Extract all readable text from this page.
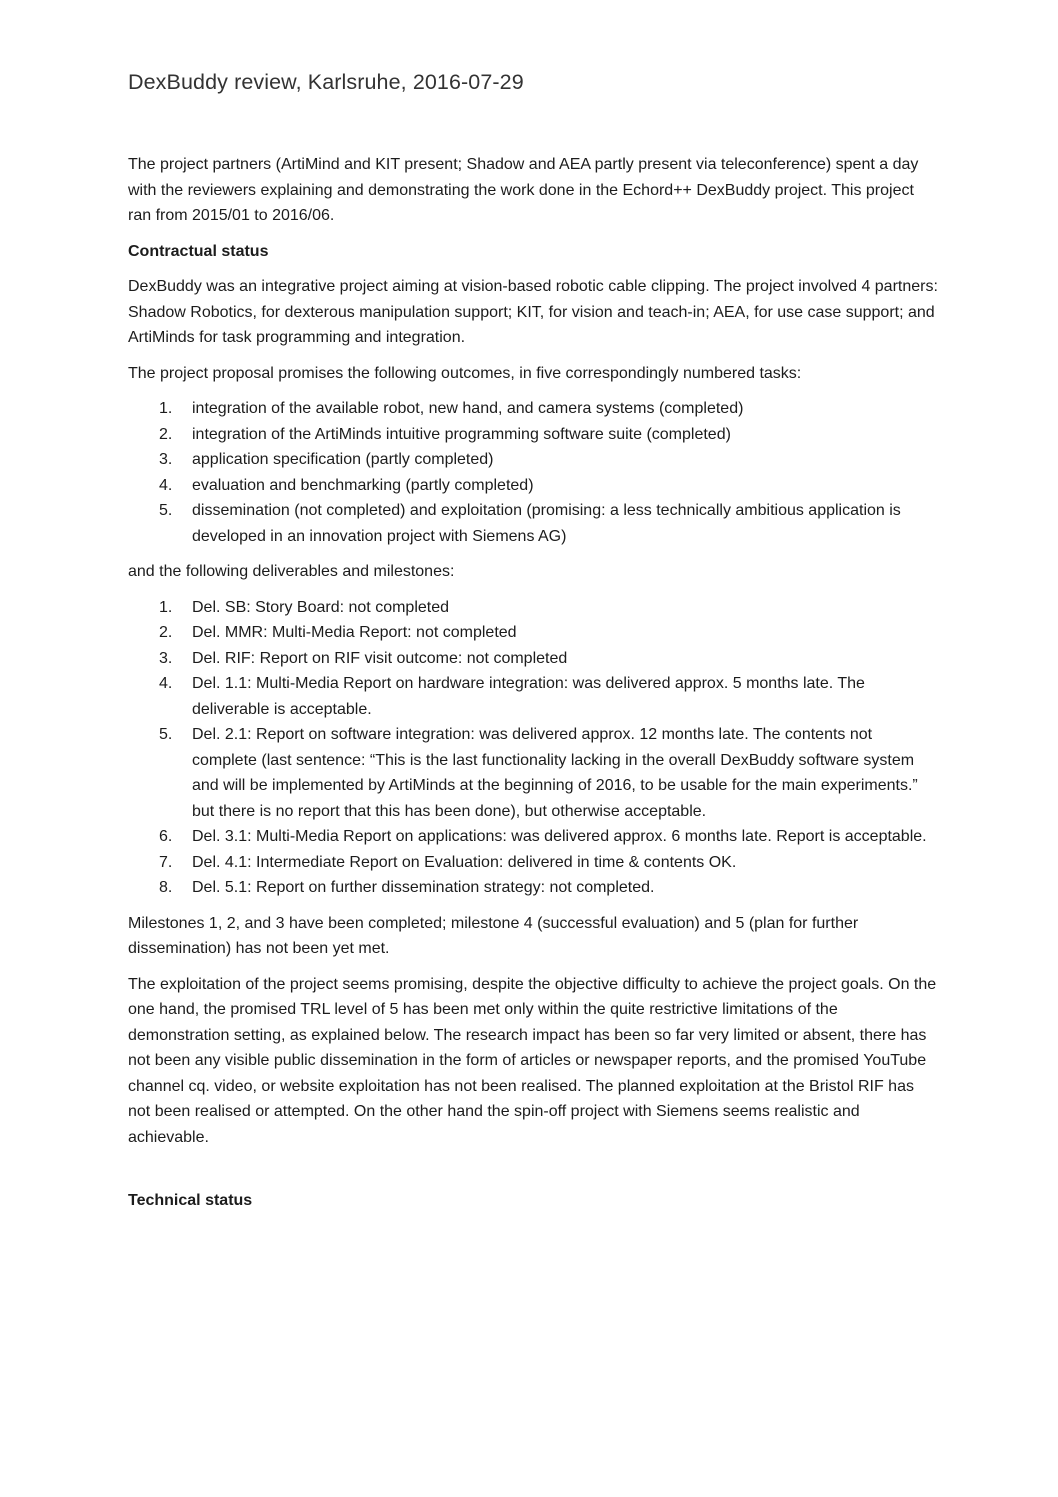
DexBuddy review, Karlsruhe, 2016-07-29

The project partners (ArtiMind and KIT present; Shadow and AEA partly present via teleconference) spent a day with the reviewers explaining and demonstrating the work done in the Echord++ DexBuddy project. This project ran from 2015/01 to 2016/06.

Contractual status

DexBuddy was an integrative project aiming at vision-based robotic cable clipping. The project involved 4 partners: Shadow Robotics, for dexterous manipulation support; KIT, for vision and teach-in; AEA, for use case support; and ArtiMinds for task programming and integration.

The project proposal promises the following outcomes, in five correspondingly numbered tasks:

1. integration of the available robot, new hand, and camera systems (completed)
2. integration of the ArtiMinds intuitive programming software suite (completed)
3. application specification (partly completed)
4. evaluation and benchmarking (partly completed)
5. dissemination (not completed) and exploitation (promising: a less technically ambitious application is developed in an innovation project with Siemens AG)

and the following deliverables and milestones:

1. Del. SB: Story Board: not completed
2. Del. MMR: Multi-Media Report: not completed
3. Del. RIF: Report on RIF visit outcome: not completed
4. Del. 1.1: Multi-Media Report on hardware integration: was delivered approx. 5 months late. The deliverable is acceptable.
5. Del. 2.1: Report on software integration: was delivered approx. 12 months late. The contents not complete (last sentence: “This is the last functionality lacking in the overall DexBuddy software system and will be implemented by ArtiMinds at the beginning of 2016, to be usable for the main experiments.” but there is no report that this has been done), but otherwise acceptable.
6. Del. 3.1: Multi-Media Report on applications: was delivered approx. 6 months late. Report is acceptable.
7. Del. 4.1: Intermediate Report on Evaluation: delivered in time & contents OK.
8. Del. 5.1: Report on further dissemination strategy: not completed.

Milestones 1, 2, and 3 have been completed; milestone 4 (successful evaluation) and 5 (plan for further dissemination) has not been yet met.

The exploitation of the project seems promising, despite the objective difficulty to achieve the project goals. On the one hand, the promised TRL level of 5 has been met only within the quite restrictive limitations of the demonstration setting, as explained below. The research impact has been so far very limited or absent, there has not been any visible public dissemination in the form of articles or newspaper reports, and the promised YouTube channel cq. video, or website exploitation has not been realised. The planned exploitation at the Bristol RIF has not been realised or attempted. On the other hand the spin-off project with Siemens seems realistic and achievable.

Technical status
